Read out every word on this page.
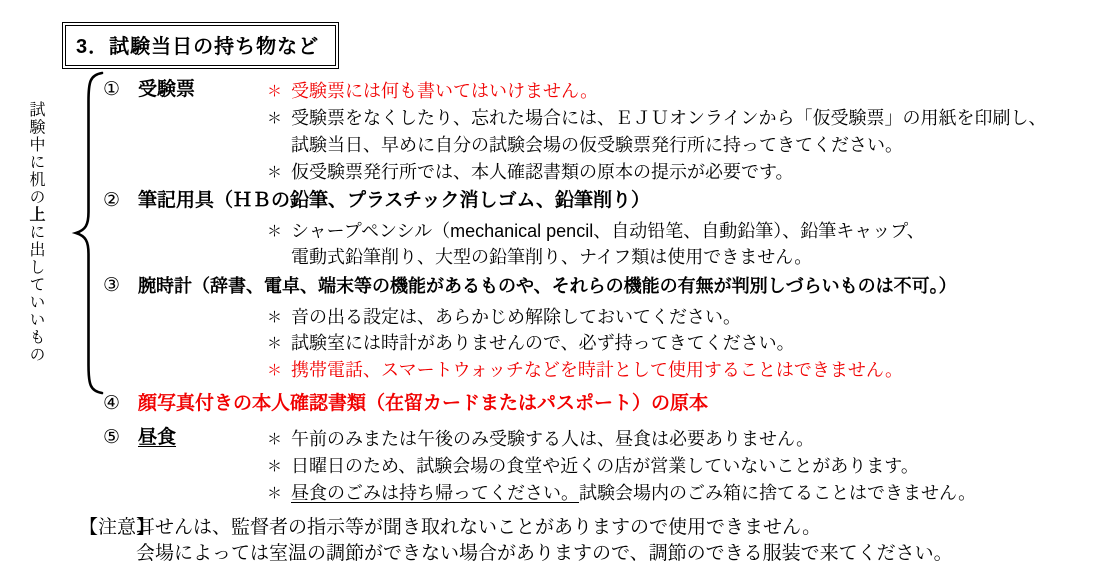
3．試験当日の持ち物など
試験中に机の上に出していいもの
① 受験票	＊ 受験票には何も書いてはいけません。
＊ 受験票をなくしたり、忘れた場合には、ＥＪＵオンラインから「仮受験票」の用紙を印刷し、
試験当日、早めに自分の試験会場の仮受験票発行所に持ってきてください。
＊ 仮受験票発行所では、本人確認書類の原本の提示が必要です。
② 筆記用具（ＨＢの鉛筆、プラスチック消しゴム、鉛筆削り）
＊ シャープペンシル（mechanical pencil、自动铅笔、自動鉛筆）、鉛筆キャップ、
電動式鉛筆削り、大型の鉛筆削り、ナイフ類は使用できません。
③ 腕時計（辞書、電卓、端末等の機能があるものや、それらの機能の有無が判別しづらいものは不可。）
＊ 音の出る設定は、あらかじめ解除しておいてください。
＊ 試験室には時計がありませんので、必ず持ってきてください。
＊ 携帯電話、スマートウォッチなどを時計として使用することはできません。
④ 顔写真付きの本人確認書類（在留カードまたはパスポート）の原本
⑤ 昼食	＊ 午前のみまたは午後のみ受験する人は、昼食は必要ありません。
＊ 日曜日のため、試験会場の食堂や近くの店が営業していないことがあります。
＊ 昼食のごみは持ち帰ってください。試験会場内のごみ箱に捨てることはできません。
【注意】
耳せんは、監督者の指示等が聞き取れないことがありますので使用できません。
会場によっては室温の調節ができない場合がありますので、調節のできる服装で来てください。
